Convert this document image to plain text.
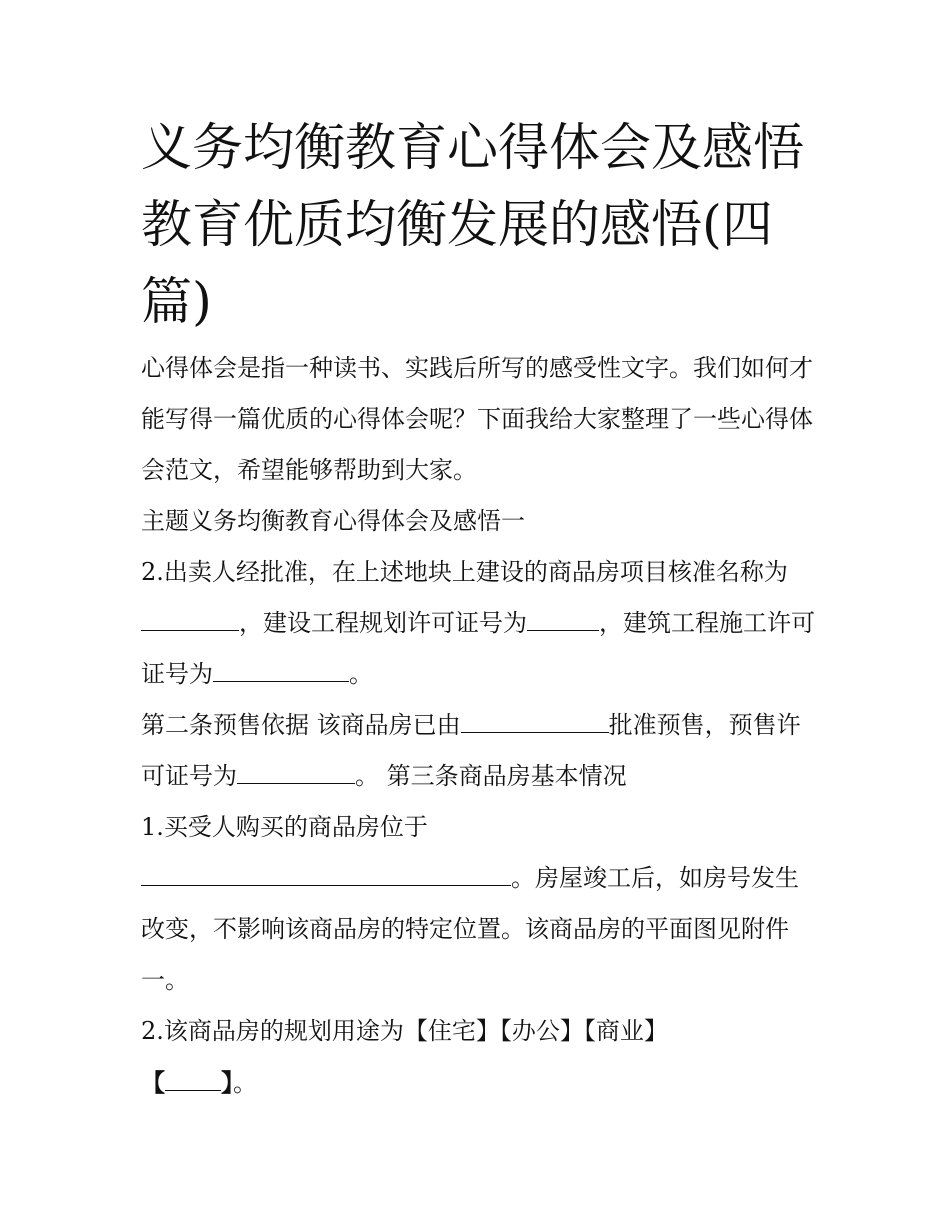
义务均衡教育心得体会及感悟教育优质均衡发展的感悟(四篇)

心得体会是指一种读书、实践后所写的感受性文字。我们如何才能写得一篇优质的心得体会呢？下面我给大家整理了一些心得体会范文，希望能够帮助到大家。

主题义务均衡教育心得体会及感悟一

2.出卖人经批准，在上述地块上建设的商品房项目核准名称为，建设工程规划许可证号为	，建筑工程施工许可证号为	。

第二条预售依据 该商品房已由	批准预售，预售许可证号为	。 第三条商品房基本情况

1.买受人购买的商品房位于
。房屋竣工后，如房号发生改变，不影响该商品房的特定位置。该商品房的平面图见附件一。

2.该商品房的规划用途为【住宅】【办公】【商业】
【 】。
